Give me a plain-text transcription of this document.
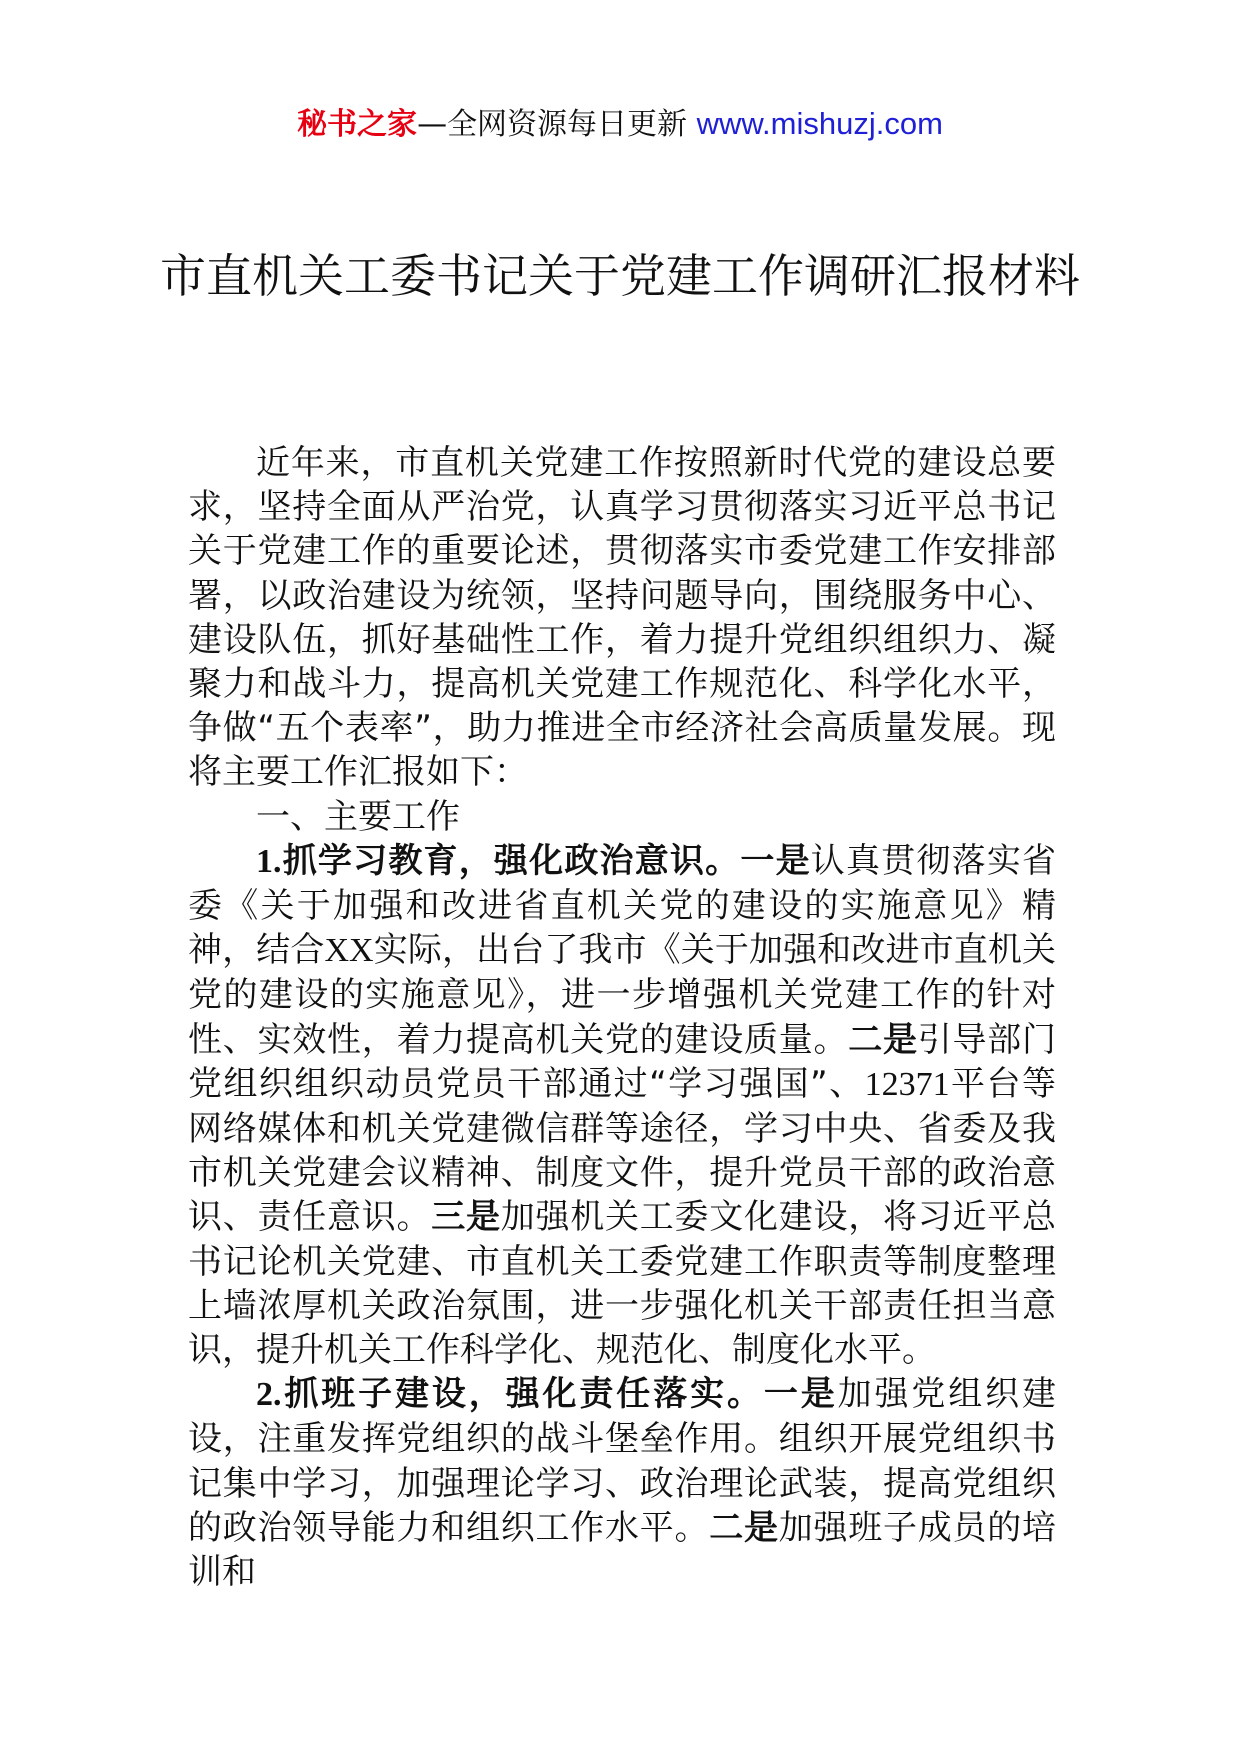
秘书之家—全网资源每日更新 www.mishuzj.com
市直机关工委书记关于党建工作调研汇报材料

近年来，市直机关党建工作按照新时代党的建设总要求，坚持全面从严治党，认真学习贯彻落实习近平总书记关于党建工作的重要论述，贯彻落实市委党建工作安排部署，以政治建设为统领，坚持问题导向，围绕服务中心、建设队伍，抓好基础性工作，着力提升党组织组织力、凝聚力和战斗力，提高机关党建工作规范化、科学化水平，争做“五个表率”，助力推进全市经济社会高质量发展。现将主要工作汇报如下：

一、主要工作

1.抓学习教育，强化政治意识。一是认真贯彻落实省委《关于加强和改进省直机关党的建设的实施意见》精神，结合XX实际，出台了我市《关于加强和改进市直机关党的建设的实施意见》，进一步增强机关党建工作的针对性、实效性，着力提高机关党的建设质量。二是引导部门党组织组织动员党员干部通过“学习强国”、12371平台等网络媒体和机关党建微信群等途径，学习中央、省委及我市机关党建会议精神、制度文件，提升党员干部的政治意识、责任意识。三是加强机关工委文化建设，将习近平总书记论机关党建、市直机关工委党建工作职责等制度整理上墙浓厚机关政治氛围，进一步强化机关干部责任担当意识，提升机关工作科学化、规范化、制度化水平。

2.抓班子建设，强化责任落实。一是加强党组织建设，注重发挥党组织的战斗堡垒作用。组织开展党组织书记集中学习，加强理论学习、政治理论武装，提高党组织的政治领导能力和组织工作水平。二是加强班子成员的培训和
